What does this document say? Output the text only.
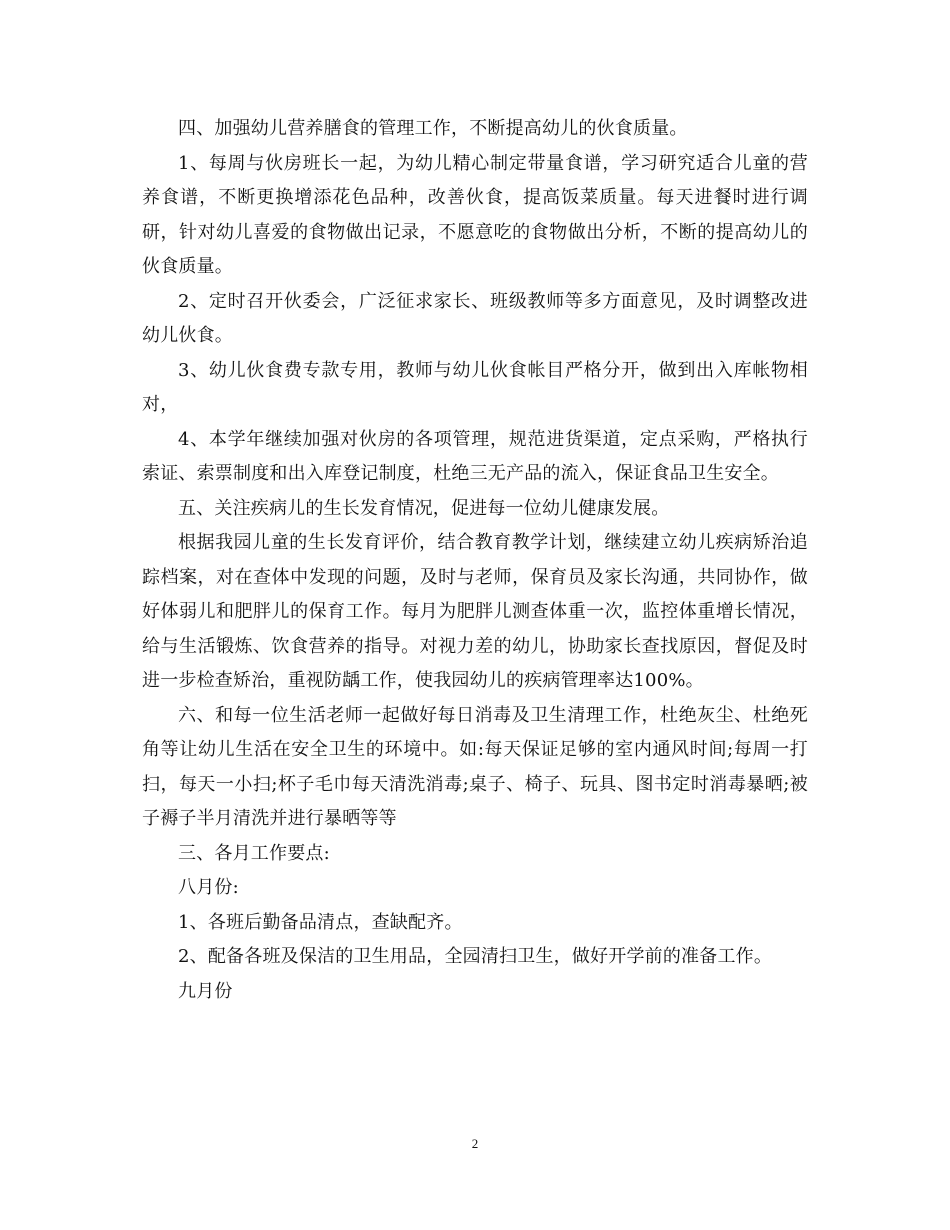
四、加强幼儿营养膳食的管理工作，不断提高幼儿的伙食质量。

1、每周与伙房班长一起，为幼儿精心制定带量食谱，学习研究适合儿童的营养食谱，不断更换增添花色品种，改善伙食，提高饭菜质量。每天进餐时进行调研，针对幼儿喜爱的食物做出记录，不愿意吃的食物做出分析，不断的提高幼儿的伙食质量。

2、定时召开伙委会，广泛征求家长、班级教师等多方面意见，及时调整改进幼儿伙食。

3、幼儿伙食费专款专用，教师与幼儿伙食帐目严格分开，做到出入库帐物相对，

4、本学年继续加强对伙房的各项管理，规范进货渠道，定点采购，严格执行索证、索票制度和出入库登记制度，杜绝三无产品的流入，保证食品卫生安全。

五、关注疾病儿的生长发育情况，促进每一位幼儿健康发展。

根据我园儿童的生长发育评价，结合教育教学计划，继续建立幼儿疾病矫治追踪档案，对在查体中发现的问题，及时与老师，保育员及家长沟通，共同协作，做好体弱儿和肥胖儿的保育工作。每月为肥胖儿测查体重一次，监控体重增长情况，给与生活锻炼、饮食营养的指导。对视力差的幼儿，协助家长查找原因，督促及时进一步检查矫治，重视防龋工作，使我园幼儿的疾病管理率达100%。

六、和每一位生活老师一起做好每日消毒及卫生清理工作，杜绝灰尘、杜绝死角等让幼儿生活在安全卫生的环境中。如:每天保证足够的室内通风时间;每周一打扫，每天一小扫;杯子毛巾每天清洗消毒;桌子、椅子、玩具、图书定时消毒暴晒;被子褥子半月清洗并进行暴晒等等

三、各月工作要点:

八月份:

1、各班后勤备品清点，查缺配齐。

2、配备各班及保洁的卫生用品，全园清扫卫生，做好开学前的准备工作。

九月份

2
